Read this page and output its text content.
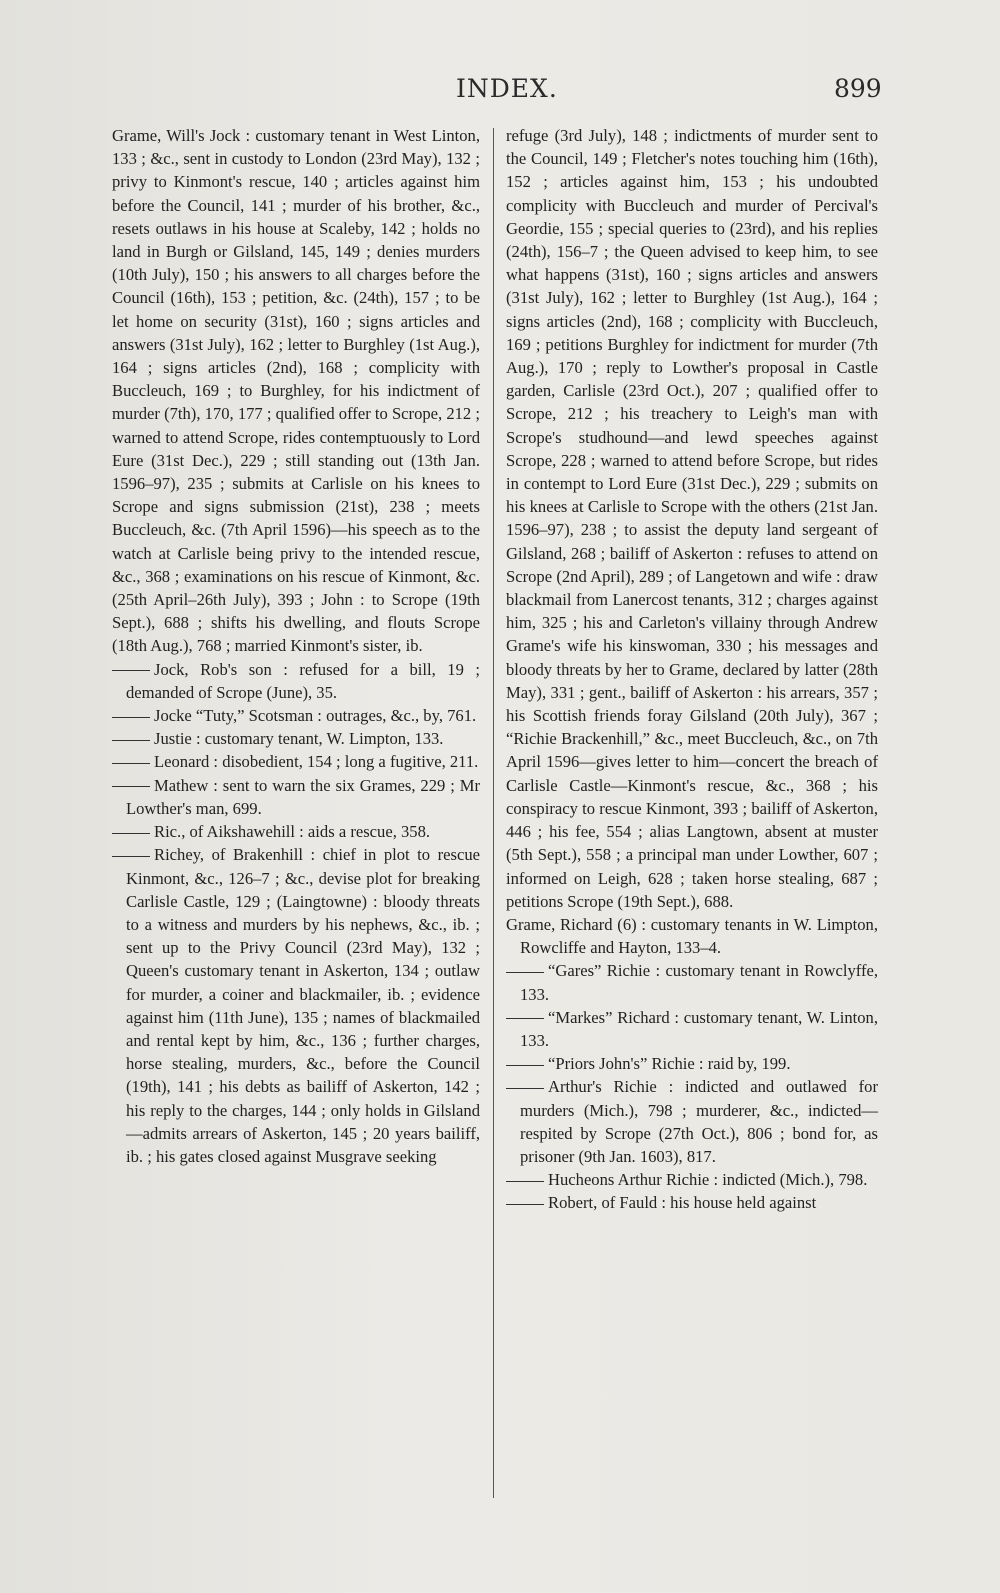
INDEX.	899

Grame, Will's Jock : customary tenant in West Linton, 133 ; &c., sent in custody to London (23rd May), 132 ; privy to Kinmont's rescue, 140 ; articles against him before the Council, 141 ; murder of his brother, &c., resets outlaws in his house at Scaleby, 142 ; holds no land in Burgh or Gilsland, 145, 149 ; denies murders (10th July), 150 ; his answers to all charges before the Council (16th), 153 ; petition, &c. (24th), 157 ; to be let home on security (31st), 160 ; signs articles and answers (31st July), 162 ; letter to Burghley (1st Aug.), 164 ; signs articles (2nd), 168 ; complicity with Buccleuch, 169 ; to Burghley, for his indictment of murder (7th), 170, 177 ; qualified offer to Scrope, 212 ; warned to attend Scrope, rides contemptuously to Lord Eure (31st Dec.), 229 ; still standing out (13th Jan. 1596–97), 235 ; submits at Carlisle on his knees to Scrope and signs submission (21st), 238 ; meets Buccleuch, &c. (7th April 1596)—his speech as to the watch at Carlisle being privy to the intended rescue, &c., 368 ; examinations on his rescue of Kinmont, &c. (25th April–26th July), 393 ; John : to Scrope (19th Sept.), 688 ; shifts his dwelling, and flouts Scrope (18th Aug.), 768 ; married Kinmont's sister, ib.

Jock, Rob's son : refused for a bill, 19 ; demanded of Scrope (June), 35.

Jocke “Tuty,” Scotsman : outrages, &c., by, 761.

Justie : customary tenant, W. Limpton, 133.

Leonard : disobedient, 154 ; long a fugitive, 211.

Mathew : sent to warn the six Grames, 229 ; Mr Lowther's man, 699.

Ric., of Aikshawehill : aids a rescue, 358.

Richey, of Brakenhill : chief in plot to rescue Kinmont, &c., 126–7 ; &c., devise plot for breaking Carlisle Castle, 129 ; (Laingtowne) : bloody threats to a witness and murders by his nephews, &c., ib. ; sent up to the Privy Council (23rd May), 132 ; Queen's customary tenant in Askerton, 134 ; outlaw for murder, a coiner and blackmailer, ib. ; evidence against him (11th June), 135 ; names of blackmailed and rental kept by him, &c., 136 ; further charges, horse stealing, murders, &c., before the Council (19th), 141 ; his debts as bailiff of Askerton, 142 ; his reply to the charges, 144 ; only holds in Gilsland—admits arrears of Askerton, 145 ; 20 years bailiff, ib. ; his gates closed against Musgrave seeking

refuge (3rd July), 148 ; indictments of murder sent to the Council, 149 ; Fletcher's notes touching him (16th), 152 ; articles against him, 153 ; his undoubted complicity with Buccleuch and murder of Percival's Geordie, 155 ; special queries to (23rd), and his replies (24th), 156–7 ; the Queen advised to keep him, to see what happens (31st), 160 ; signs articles and answers (31st July), 162 ; letter to Burghley (1st Aug.), 164 ; signs articles (2nd), 168 ; complicity with Buccleuch, 169 ; petitions Burghley for indictment for murder (7th Aug.), 170 ; reply to Lowther's proposal in Castle garden, Carlisle (23rd Oct.), 207 ; qualified offer to Scrope, 212 ; his treachery to Leigh's man with Scrope's studhound—and lewd speeches against Scrope, 228 ; warned to attend before Scrope, but rides in contempt to Lord Eure (31st Dec.), 229 ; submits on his knees at Carlisle to Scrope with the others (21st Jan. 1596–97), 238 ; to assist the deputy land sergeant of Gilsland, 268 ; bailiff of Askerton : refuses to attend on Scrope (2nd April), 289 ; of Langetown and wife : draw blackmail from Lanercost tenants, 312 ; charges against him, 325 ; his and Carleton's villainy through Andrew Grame's wife his kinswoman, 330 ; his messages and bloody threats by her to Grame, declared by latter (28th May), 331 ; gent., bailiff of Askerton : his arrears, 357 ; his Scottish friends foray Gilsland (20th July), 367 ; “Richie Brackenhill,” &c., meet Buccleuch, &c., on 7th April 1596—gives letter to him—concert the breach of Carlisle Castle—Kinmont's rescue, &c., 368 ; his conspiracy to rescue Kinmont, 393 ; bailiff of Askerton, 446 ; his fee, 554 ; alias Langtown, absent at muster (5th Sept.), 558 ; a principal man under Lowther, 607 ; informed on Leigh, 628 ; taken horse stealing, 687 ; petitions Scrope (19th Sept.), 688.

Grame, Richard (6) : customary tenants in W. Limpton, Rowcliffe and Hayton, 133–4.

“Gares” Richie : customary tenant in Rowclyffe, 133.

“Markes” Richard : customary tenant, W. Linton, 133.

“Priors John's” Richie : raid by, 199.

Arthur's Richie : indicted and outlawed for murders (Mich.), 798 ; murderer, &c., indicted—respited by Scrope (27th Oct.), 806 ; bond for, as prisoner (9th Jan. 1603), 817.

Hucheons Arthur Richie : indicted (Mich.), 798.

Robert, of Fauld : his house held against
